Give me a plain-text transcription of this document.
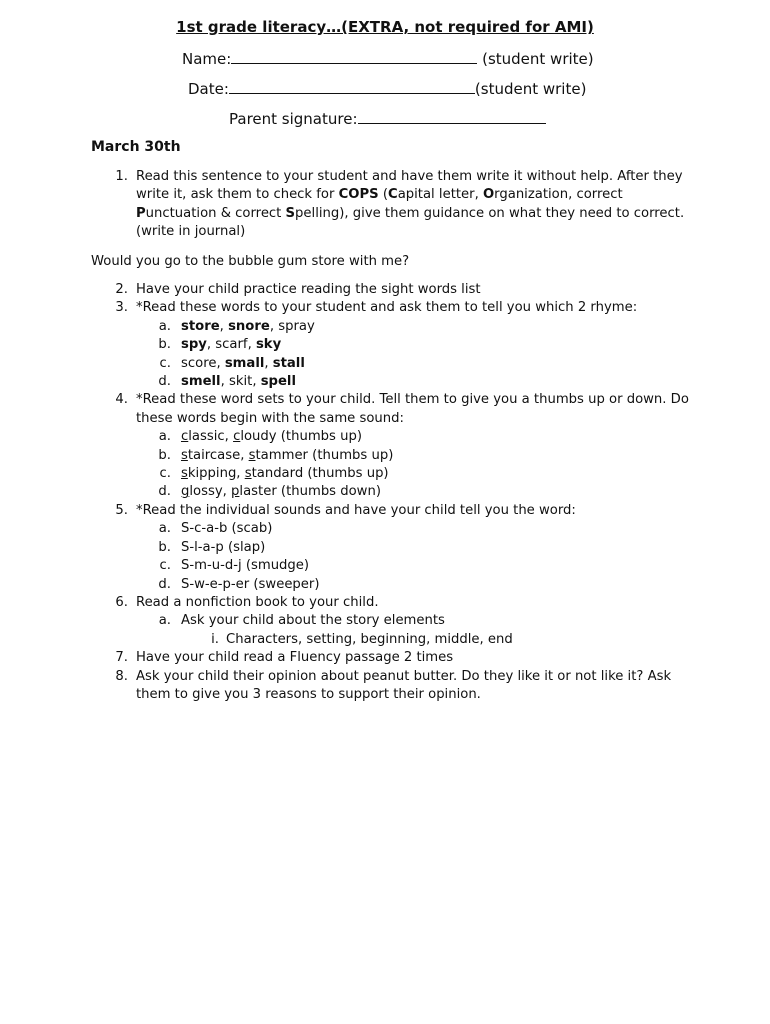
1st grade literacy…(EXTRA, not required for AMI)
Name:	(student write)
Date:	(student write)
Parent signature:
March 30th
1. Read this sentence to your student and have them write it without help. After they
write it, ask them to check for COPS (Capital letter, Organization, correct
Punctuation & correct Spelling), give them guidance on what they need to correct.
(write in journal)
Would you go to the bubble gum store with me?
2. Have your child practice reading the sight words list
3. *Read these words to your student and ask them to tell you which 2 rhyme:
a. store, snore, spray
b. spy, scarf, sky
c. score, small, stall
d. smell, skit, spell
4. *Read these word sets to your child. Tell them to give you a thumbs up or down. Do
these words begin with the same sound:
a. classic, cloudy (thumbs up)
b. staircase, stammer (thumbs up)
c. skipping, standard (thumbs up)
d. glossy, plaster (thumbs down)
5. *Read the individual sounds and have your child tell you the word:
a. S-c-a-b (scab)
b. S-l-a-p (slap)
c. S-m-u-d-j (smudge)
d. S-w-e-p-er (sweeper)
6. Read a nonfiction book to your child.
a. Ask your child about the story elements
i. Characters, setting, beginning, middle, end
7. Have your child read a Fluency passage 2 times
8. Ask your child their opinion about peanut butter. Do they like it or not like it? Ask
them to give you 3 reasons to support their opinion.
